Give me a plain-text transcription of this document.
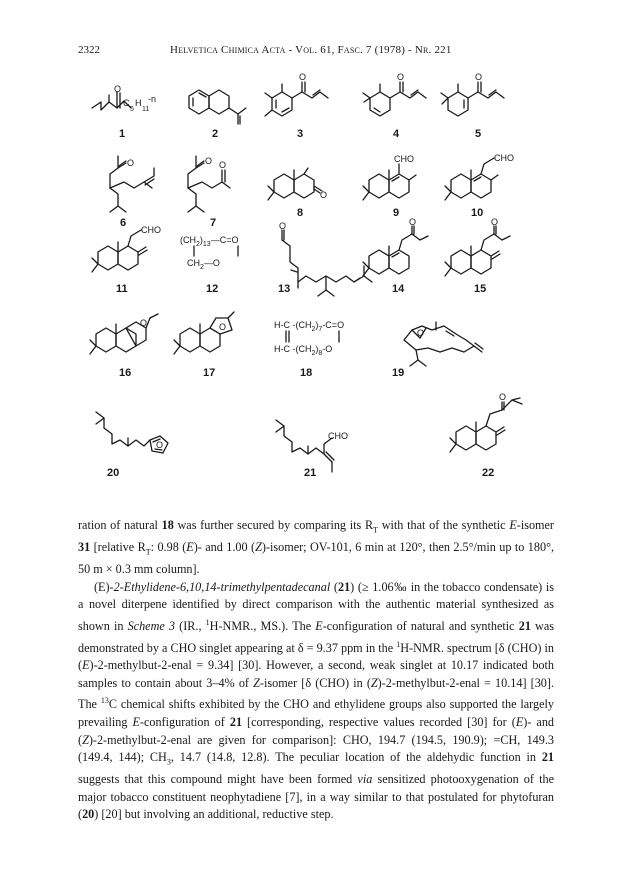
2322	Helvetica Chimica Acta - Vol. 61, Fasc. 7 (1978) - Nr. 221
O
C
5
H
11
-n
O	O	O
O	O O
O
CHO	CHO
CHO
$(CH_2)_{13}—C=O$
$CH_2—O$
O	O	O
O	O	H-C $-(CH_2)_7-C=O$
H-C $-(CH_2)_8-O$
O
O
CHO
O
1	2	3	4	5
6	7
8	9	10
11	12	13	14	15
16	17	18	19
20	21	22

ration of natural 18 was further secured by comparing its $R_T$ with that of the synthetic E-isomer 31 [relative $R_T$: 0.98 (E)- and 1.00 (Z)-isomer; OV-101, 6 min at 120°, then 2.5°/min up to 180°, 50 m × 0.3 mm column].

(E)-2-Ethylidene-6,10,14-trimethylpentadecanal (21) (≥ 1.06‰ in the tobacco condensate) is a novel diterpene identified by direct comparison with the authentic material synthesized as shown in Scheme 3 (IR., $^1$H-NMR., MS.). The E-configuration of natural and synthetic 21 was demonstrated by a CHO singlet appearing at δ = 9.37 ppm in the $^1$H-NMR. spectrum [δ (CHO) in (E)-2-methylbut-2-enal = 9.34] [30]. However, a second, weak singlet at 10.17 indicated both samples to contain about 3–4% of Z-isomer [δ (CHO) in (Z)-2-methylbut-2-enal = 10.14] [30]. The $^{13}$C chemical shifts exhibited by the CHO and ethylidene groups also supported the largely prevailing E-configuration of 21 [corresponding, respective values recorded [30] for (E)- and (Z)-2-methylbut-2-enal are given for comparison]: CHO, 194.7 (194.5, 190.9); =CH, 149.3 (149.4, 144); $CH_3$, 14.7 (14.8, 12.8). The peculiar location of the aldehydic function in 21 suggests that this compound might have been formed via sensitized photooxygenation of the major tobacco constituent neophytadiene [7], in a way similar to that postulated for phytofuran (20) [20] but involving an additional, reductive step.
